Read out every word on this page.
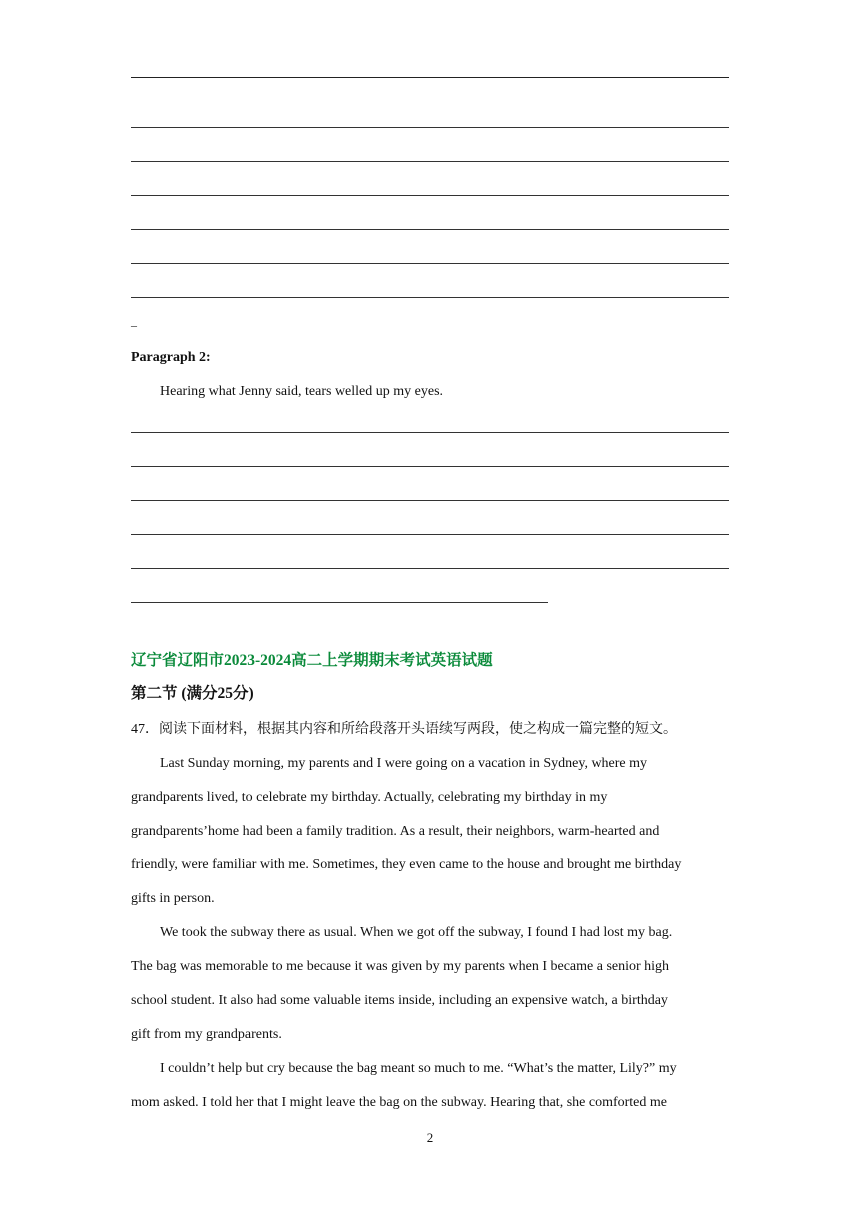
–
Paragraph 2:
Hearing what Jenny said, tears welled up my eyes.
辽宁省辽阳市2023-2024高二上学期期末考试英语试题
第二节 (满分25分)
47．阅读下面材料，根据其内容和所给段落开头语续写两段，使之构成一篇完整的短文。
Last Sunday morning, my parents and I were going on a vacation in Sydney, where my
grandparents lived, to celebrate my birthday. Actually, celebrating my birthday in my
grandparents’home had been a family tradition. As a result, their neighbors, warm-hearted and
friendly, were familiar with me. Sometimes, they even came to the house and brought me birthday
gifts in person.
We took the subway there as usual. When we got off the subway, I found I had lost my bag.
The bag was memorable to me because it was given by my parents when I became a senior high
school student. It also had some valuable items inside, including an expensive watch, a birthday
gift from my grandparents.
I couldn’t help but cry because the bag meant so much to me. “What’s the matter, Lily?” my
mom asked. I told her that I might leave the bag on the subway. Hearing that, she comforted me
2
